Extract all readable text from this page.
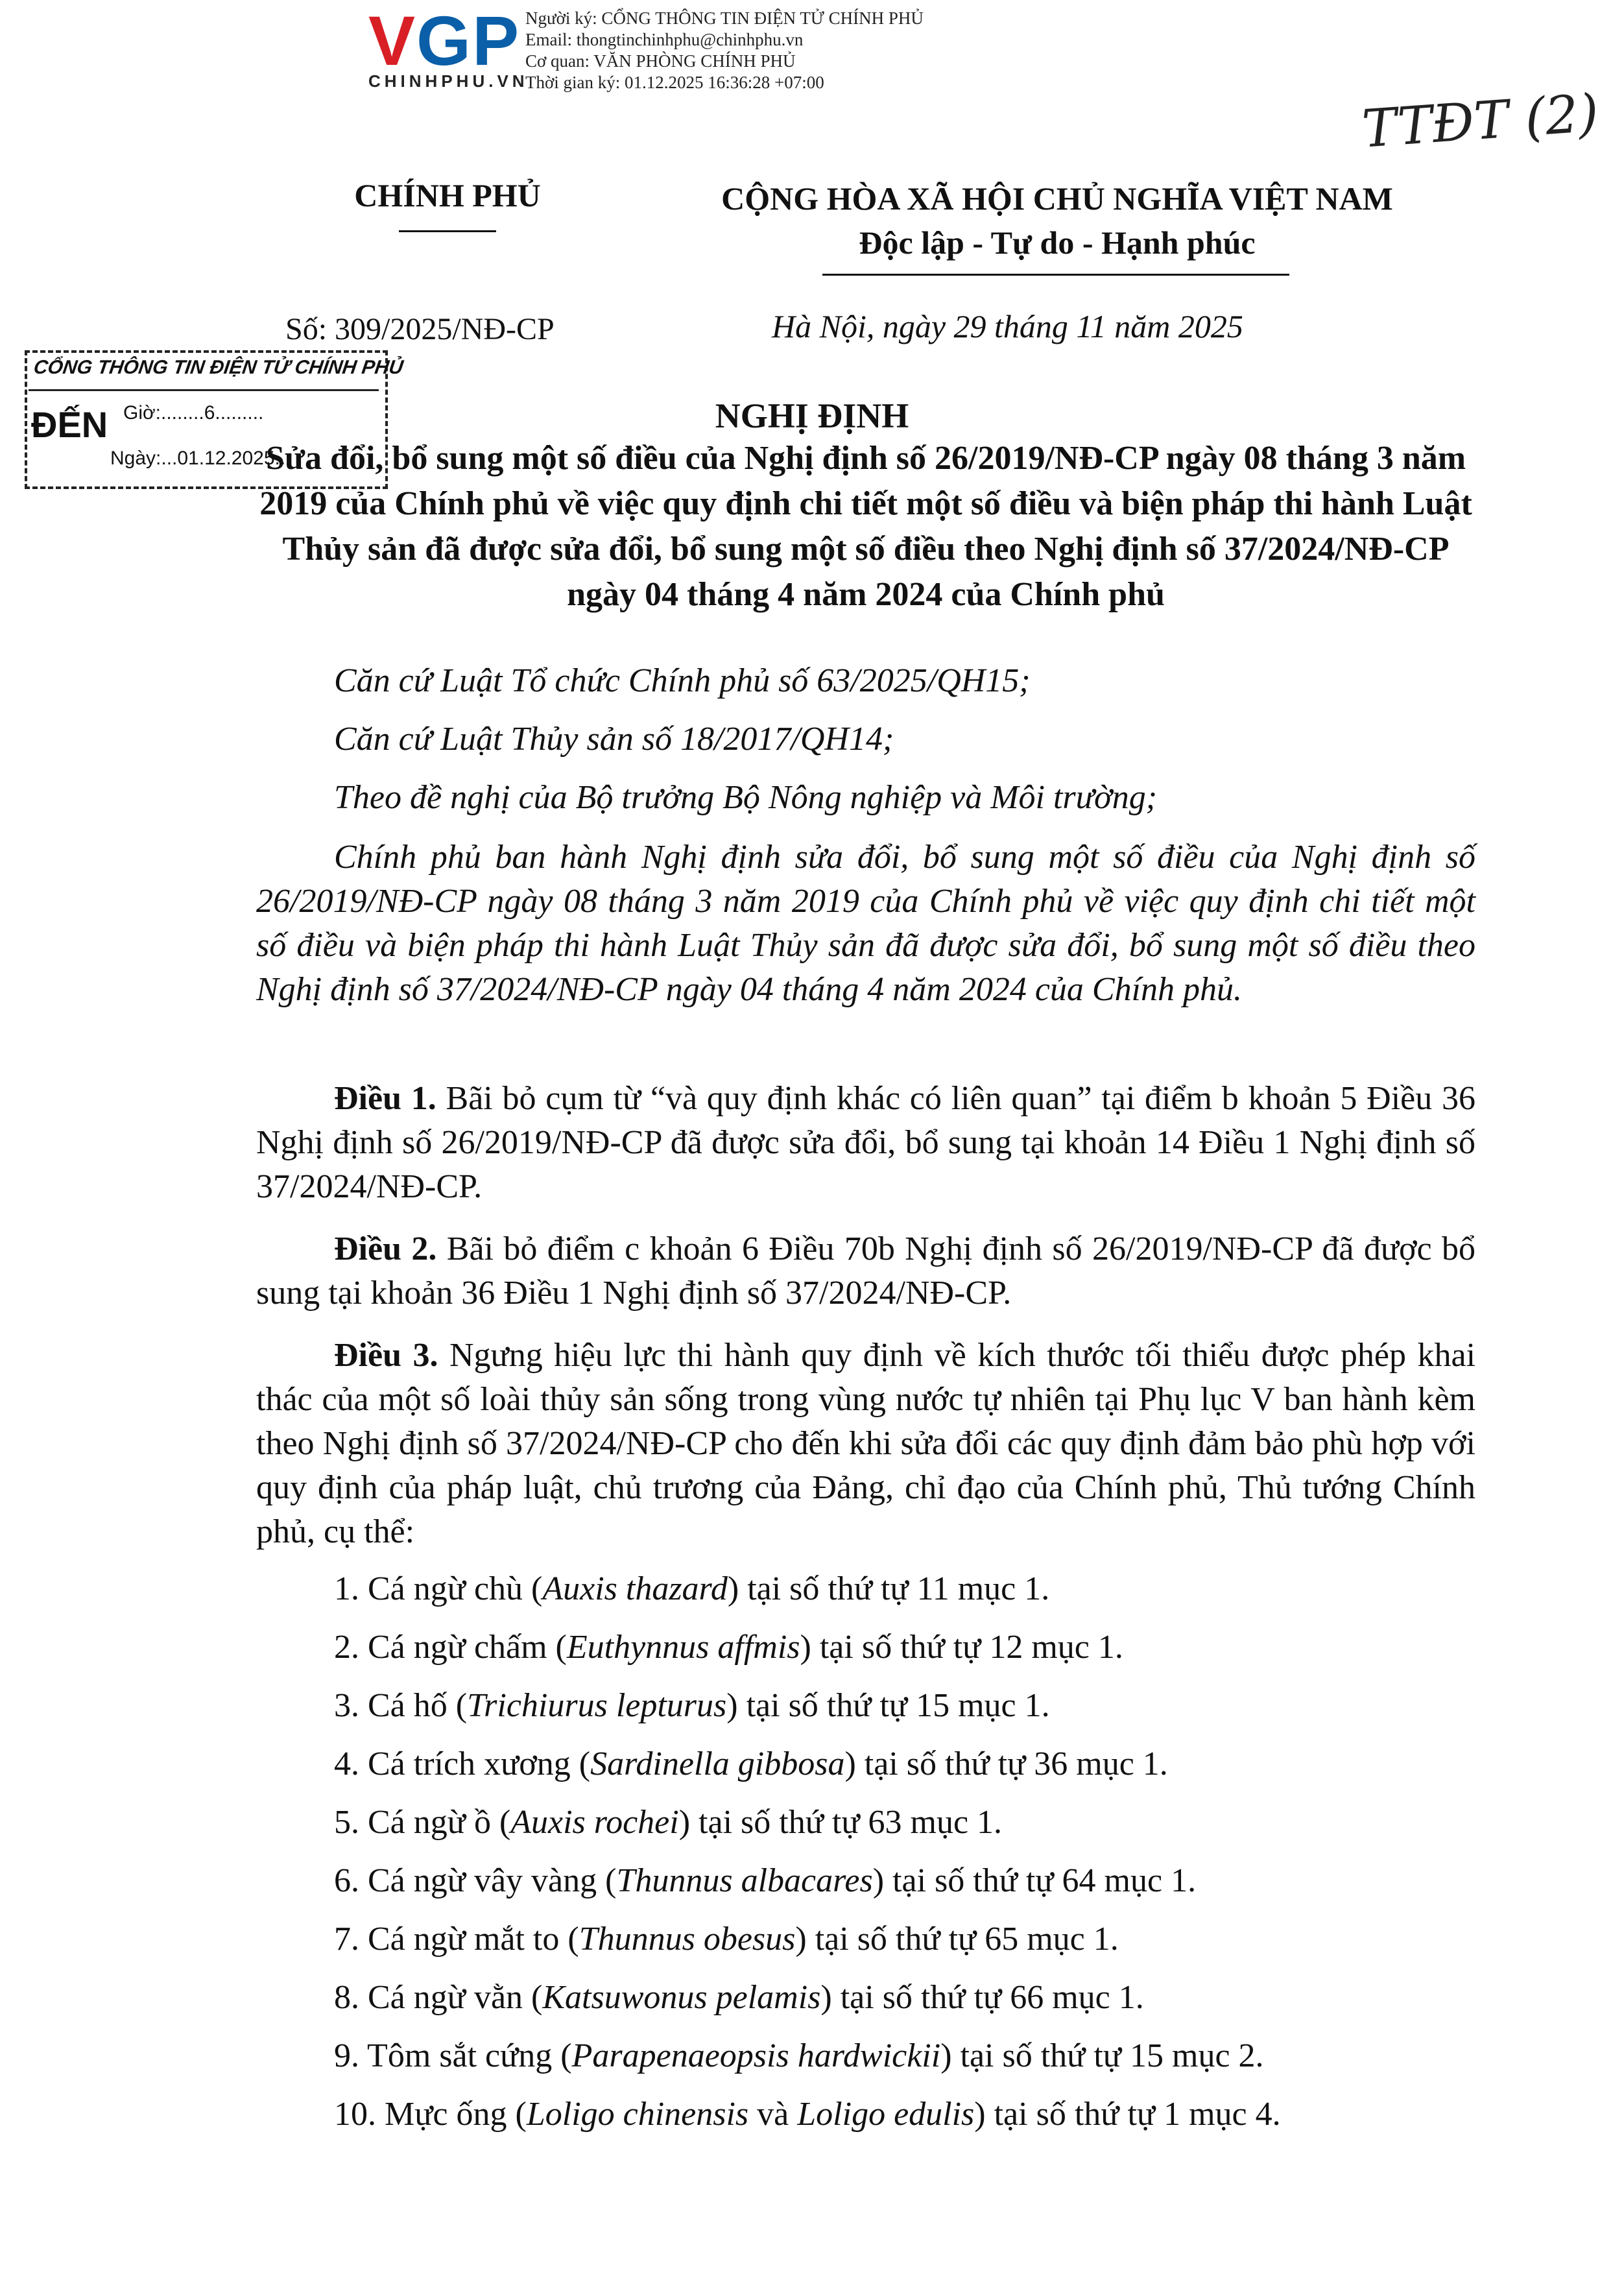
VGP
CHINHPHU.VN
Người ký: CỔNG THÔNG TIN ĐIỆN TỬ CHÍNH PHỦ
Email: thongtinchinhphu@chinhphu.vn
Cơ quan: VĂN PHÒNG CHÍNH PHỦ
Thời gian ký: 01.12.2025 16:36:28 +07:00
TTĐT (2)
CHÍNH PHỦ	CỘNG HÒA XÃ HỘI CHỦ NGHĨA VIỆT NAM
Độc lập - Tự do - Hạnh phúc
Số: 309/2025/NĐ-CP	Hà Nội, ngày 29 tháng 11 năm 2025
CỔNG THÔNG TIN ĐIỆN TỬ CHÍNH PHỦ
ĐẾN Giờ:........6.........
Ngày:...01.12.2025...
NGHỊ ĐỊNH
Sửa đổi, bổ sung một số điều của Nghị định số 26/2019/NĐ-CP ngày 08 tháng 3 năm 2019 của Chính phủ về việc quy định chi tiết một số điều và biện pháp thi hành Luật Thủy sản đã được sửa đổi, bổ sung một số điều theo Nghị định số 37/2024/NĐ-CP ngày 04 tháng 4 năm 2024 của Chính phủ
Căn cứ Luật Tổ chức Chính phủ số 63/2025/QH15;
Căn cứ Luật Thủy sản số 18/2017/QH14;
Theo đề nghị của Bộ trưởng Bộ Nông nghiệp và Môi trường;
Chính phủ ban hành Nghị định sửa đổi, bổ sung một số điều của Nghị định số 26/2019/NĐ-CP ngày 08 tháng 3 năm 2019 của Chính phủ về việc quy định chi tiết một số điều và biện pháp thi hành Luật Thủy sản đã được sửa đổi, bổ sung một số điều theo Nghị định số 37/2024/NĐ-CP ngày 04 tháng 4 năm 2024 của Chính phủ.
Điều 1. Bãi bỏ cụm từ “và quy định khác có liên quan” tại điểm b khoản 5 Điều 36 Nghị định số 26/2019/NĐ-CP đã được sửa đổi, bổ sung tại khoản 14 Điều 1 Nghị định số 37/2024/NĐ-CP.
Điều 2. Bãi bỏ điểm c khoản 6 Điều 70b Nghị định số 26/2019/NĐ-CP đã được bổ sung tại khoản 36 Điều 1 Nghị định số 37/2024/NĐ-CP.
Điều 3. Ngưng hiệu lực thi hành quy định về kích thước tối thiểu được phép khai thác của một số loài thủy sản sống trong vùng nước tự nhiên tại Phụ lục V ban hành kèm theo Nghị định số 37/2024/NĐ-CP cho đến khi sửa đổi các quy định đảm bảo phù hợp với quy định của pháp luật, chủ trương của Đảng, chỉ đạo của Chính phủ, Thủ tướng Chính phủ, cụ thể:
1. Cá ngừ chù (Auxis thazard) tại số thứ tự 11 mục 1.
2. Cá ngừ chấm (Euthynnus affmis) tại số thứ tự 12 mục 1.
3. Cá hố (Trichiurus lepturus) tại số thứ tự 15 mục 1.
4. Cá trích xương (Sardinella gibbosa) tại số thứ tự 36 mục 1.
5. Cá ngừ ồ (Auxis rochei) tại số thứ tự 63 mục 1.
6. Cá ngừ vây vàng (Thunnus albacares) tại số thứ tự 64 mục 1.
7. Cá ngừ mắt to (Thunnus obesus) tại số thứ tự 65 mục 1.
8. Cá ngừ vằn (Katsuwonus pelamis) tại số thứ tự 66 mục 1.
9. Tôm sắt cứng (Parapenaeopsis hardwickii) tại số thứ tự 15 mục 2.
10. Mực ống (Loligo chinensis và Loligo edulis) tại số thứ tự 1 mục 4.
